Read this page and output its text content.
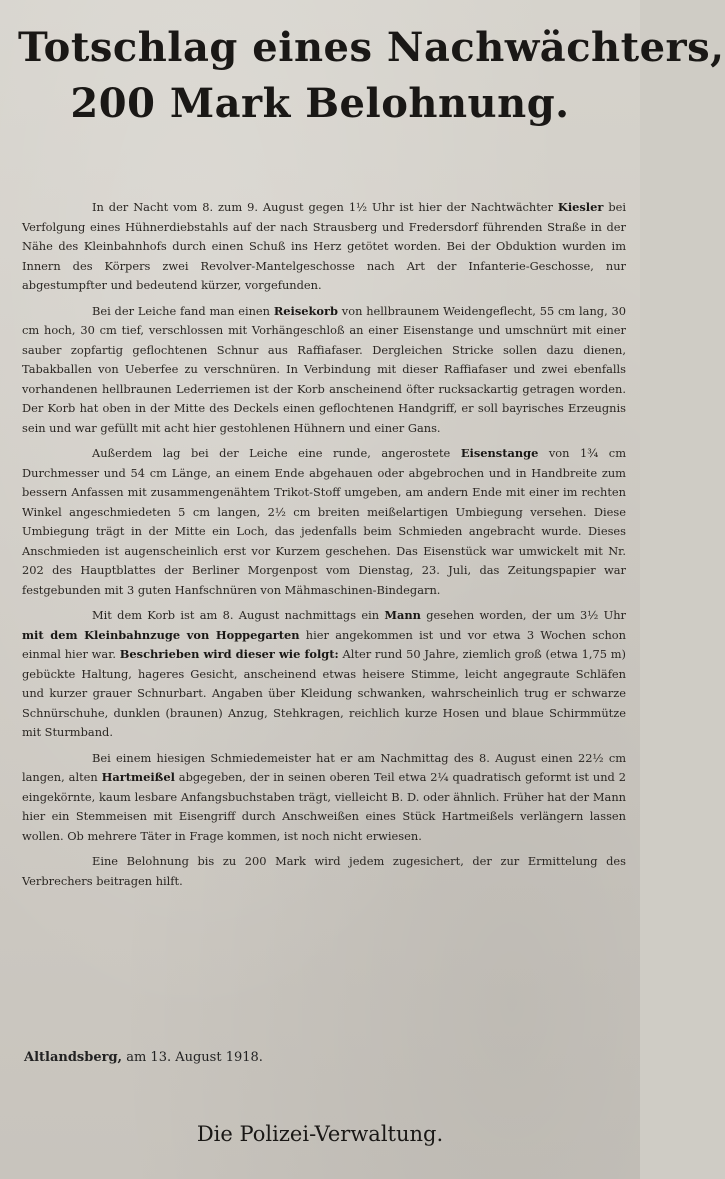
Totschlag eines Nachwächters,
200 Mark Belohnung.

In der Nacht vom 8. zum 9. August gegen 1½ Uhr ist hier der Nachtwächter Kiesler bei Verfolgung eines Hühnerdiebstahls auf der nach Strausberg und Fredersdorf führenden Straße in der Nähe des Kleinbahnhofs durch einen Schuß ins Herz getötet worden. Bei der Obduktion wurden im Innern des Körpers zwei Revolver-Mantelgeschosse nach Art der Infanterie-Geschosse, nur abgestumpfter und bedeutend kürzer, vorgefunden.

Bei der Leiche fand man einen Reisekorb von hellbraunem Weidengeflecht, 55 cm lang, 30 cm hoch, 30 cm tief, verschlossen mit Vorhängeschloß an einer Eisenstange und umschnürt mit einer sauber zopfartig geflochtenen Schnur aus Raffiafaser. Dergleichen Stricke sollen dazu dienen, Tabakballen von Ueberfee zu verschnüren. In Verbindung mit dieser Raffiafaser und zwei ebenfalls vorhandenen hellbraunen Lederriemen ist der Korb anscheinend öfter rucksackartig getragen worden. Der Korb hat oben in der Mitte des Deckels einen geflochtenen Handgriff, er soll bayrisches Erzeugnis sein und war gefüllt mit acht hier gestohlenen Hühnern und einer Gans.

Außerdem lag bei der Leiche eine runde, angerostete Eisenstange von 1¾ cm Durchmesser und 54 cm Länge, an einem Ende abgehauen oder abgebrochen und in Handbreite zum bessern Anfassen mit zusammengenähtem Trikot-Stoff umgeben, am andern Ende mit einer im rechten Winkel angeschmiedeten 5 cm langen, 2½ cm breiten meißelartigen Umbiegung versehen. Diese Umbiegung trägt in der Mitte ein Loch, das jedenfalls beim Schmieden angebracht wurde. Dieses Anschmieden ist augenscheinlich erst vor Kurzem geschehen. Das Eisenstück war umwickelt mit Nr. 202 des Hauptblattes der Berliner Morgenpost vom Dienstag, 23. Juli, das Zeitungspapier war festgebunden mit 3 guten Hanfschnüren von Mähmaschinen-Bindegarn.

Mit dem Korb ist am 8. August nachmittags ein Mann gesehen worden, der um 3½ Uhr mit dem Kleinbahnzuge von Hoppegarten hier angekommen ist und vor etwa 3 Wochen schon einmal hier war. Beschrieben wird dieser wie folgt: Alter rund 50 Jahre, ziemlich groß (etwa 1,75 m) gebückte Haltung, hageres Gesicht, anscheinend etwas heisere Stimme, leicht angegraute Schläfen und kurzer grauer Schnurbart. Angaben über Kleidung schwanken, wahrscheinlich trug er schwarze Schnürschuhe, dunklen (braunen) Anzug, Stehkragen, reichlich kurze Hosen und blaue Schirmmütze mit Sturmband.

Bei einem hiesigen Schmiedemeister hat er am Nachmittag des 8. August einen 22½ cm langen, alten Hartmeißel abgegeben, der in seinen oberen Teil etwa 2¼ quadratisch geformt ist und 2 eingekörnte, kaum lesbare Anfangsbuchstaben trägt, vielleicht B. D. oder ähnlich. Früher hat der Mann hier ein Stemmeisen mit Eisengriff durch Anschweißen eines Stück Hartmeißels verlängern lassen wollen. Ob mehrere Täter in Frage kommen, ist noch nicht erwiesen.

Eine Belohnung bis zu 200 Mark wird jedem zugesichert, der zur Ermittelung des Verbrechers beitragen hilft.

Altlandsberg, am 13. August 1918.
Die Polizei-Verwaltung.
